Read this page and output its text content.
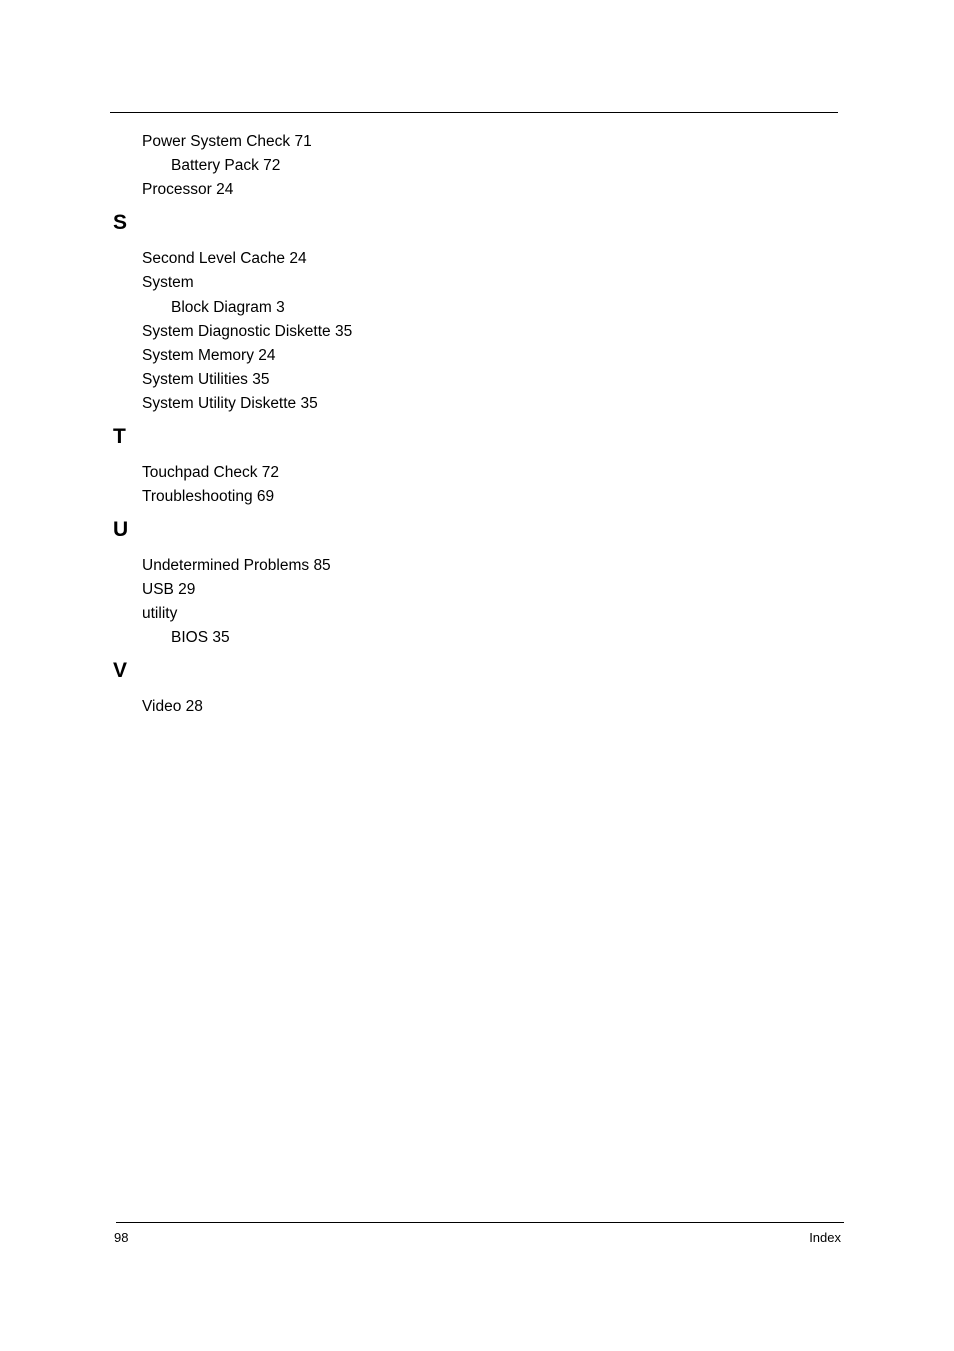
Power System Check 71
Battery Pack 72
Processor 24
S
Second Level Cache 24
System
Block Diagram 3
System Diagnostic Diskette 35
System Memory 24
System Utilities 35
System Utility Diskette 35
T
Touchpad Check 72
Troubleshooting 69
U
Undetermined Problems 85
USB 29
utility
BIOS 35
V
Video 28
98	Index
